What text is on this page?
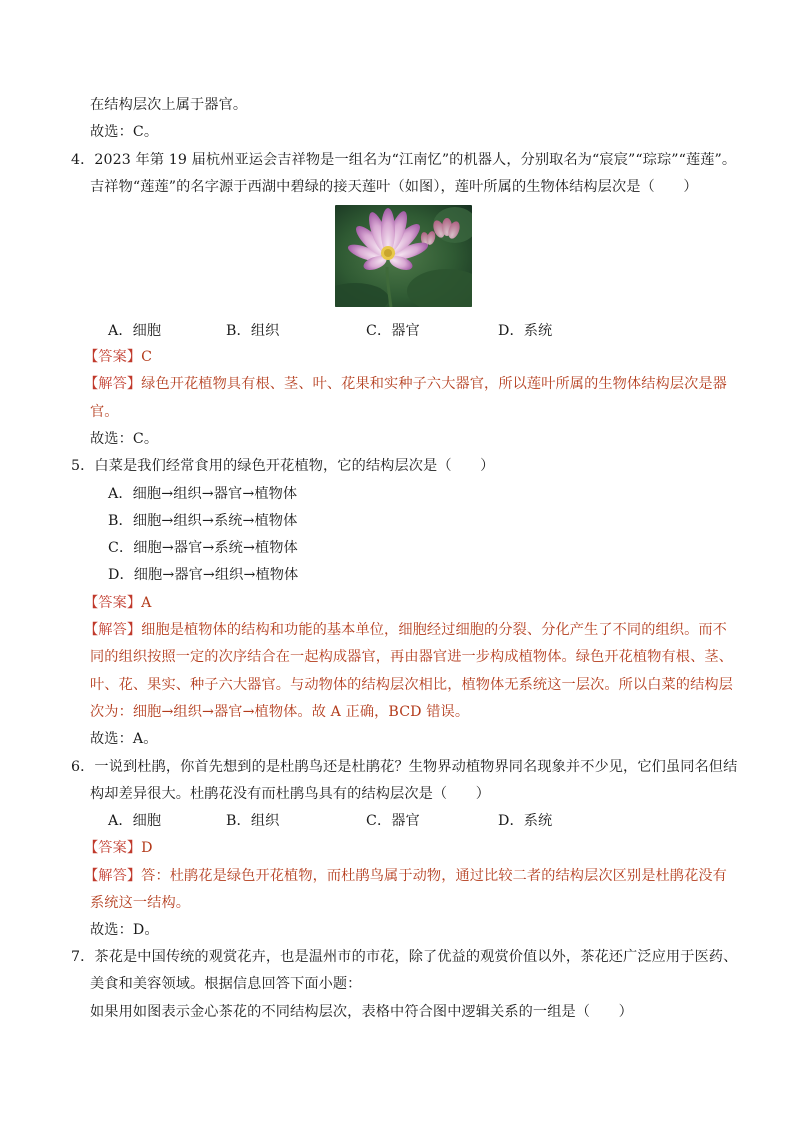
在结构层次上属于器官。
故选：C。
4．2023 年第 19 届杭州亚运会吉祥物是一组名为“江南忆”的机器人，分别取名为“宸宸”“琮琮”“莲莲”。
吉祥物“莲莲”的名字源于西湖中碧绿的接天莲叶（如图），莲叶所属的生物体结构层次是（　　）
A．细胞	B．组织	C．器官	D．系统
【答案】C
【解答】绿色开花植物具有根、茎、叶、花果和实种子六大器官，所以莲叶所属的生物体结构层次是器
官。
故选：C。
5．白菜是我们经常食用的绿色开花植物，它的结构层次是（　　）
A．细胞→组织→器官→植物体
B．细胞→组织→系统→植物体
C．细胞→器官→系统→植物体
D．细胞→器官→组织→植物体
【答案】A
【解答】细胞是植物体的结构和功能的基本单位，细胞经过细胞的分裂、分化产生了不同的组织。而不
同的组织按照一定的次序结合在一起构成器官，再由器官进一步构成植物体。绿色开花植物有根、茎、
叶、花、果实、种子六大器官。与动物体的结构层次相比，植物体无系统这一层次。所以白菜的结构层
次为：细胞→组织→器官→植物体。故 A 正确，BCD 错误。
故选：A。
6．一说到杜鹃，你首先想到的是杜鹃鸟还是杜鹃花？生物界动植物界同名现象并不少见，它们虽同名但结
构却差异很大。杜鹃花没有而杜鹃鸟具有的结构层次是（　　）
A．细胞	B．组织	C．器官	D．系统
【答案】D
【解答】答：杜鹃花是绿色开花植物，而杜鹃鸟属于动物，通过比较二者的结构层次区别是杜鹃花没有
系统这一结构。
故选：D。
7．茶花是中国传统的观赏花卉，也是温州市的市花，除了优益的观赏价值以外，茶花还广泛应用于医药、
美食和美容领域。根据信息回答下面小题：
如果用如图表示金心茶花的不同结构层次，表格中符合图中逻辑关系的一组是（　　）
